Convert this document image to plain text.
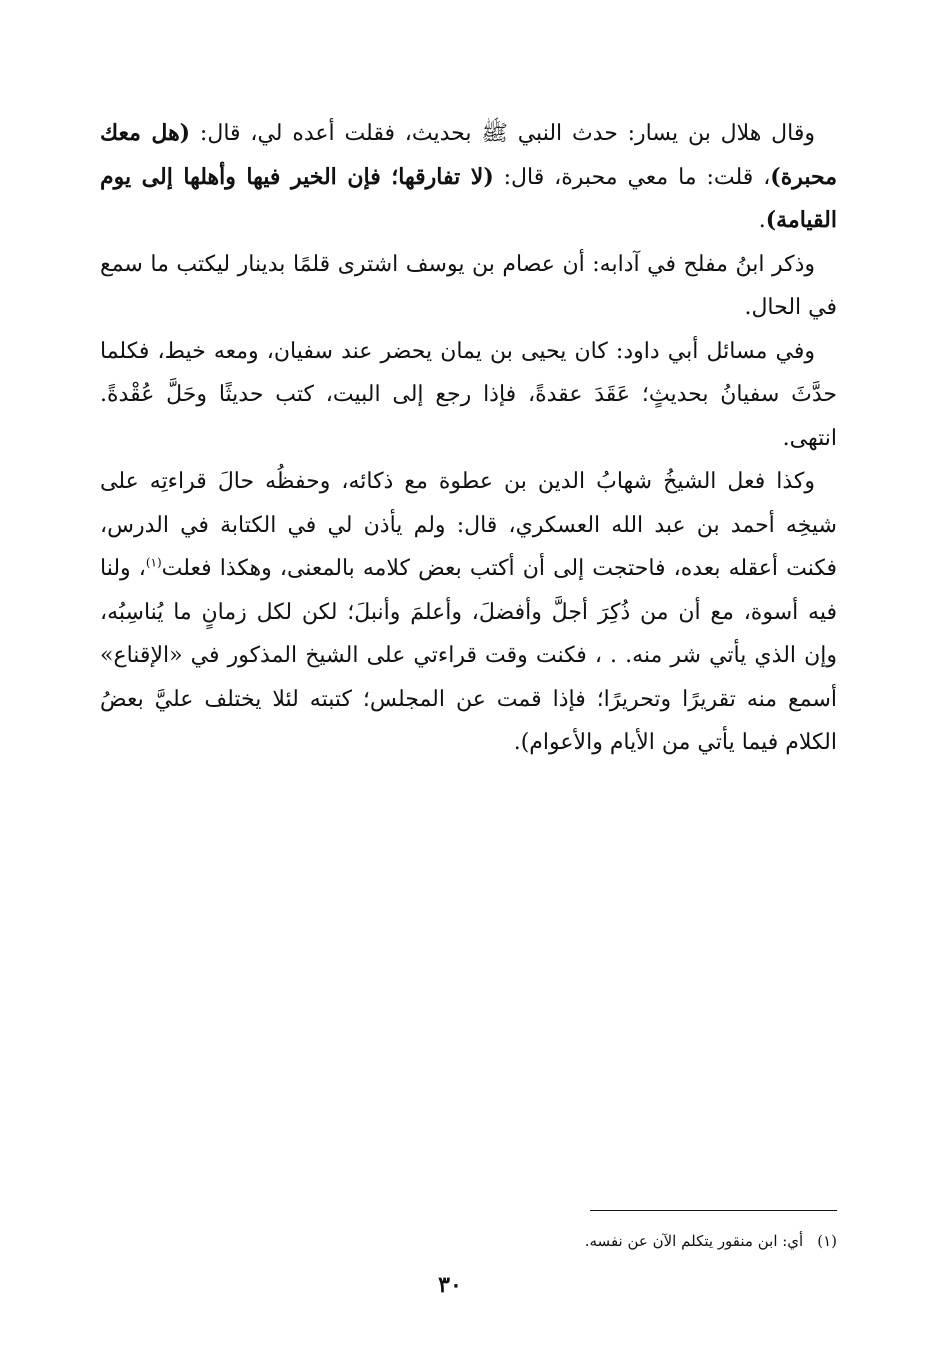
وقال هلال بن يسار: حدث النبي ﷺ بحديث، فقلت أعده لي، قال: (هل معك محبرة)، قلت: ما معي محبرة، قال: (لا تفارقها؛ فإن الخير فيها وأهلها إلى يوم القيامة).

وذكر ابنُ مفلح في آدابه: أن عصام بن يوسف اشترى قلمًا بدينار ليكتب ما سمع في الحال.

وفي مسائل أبي داود: كان يحيى بن يمان يحضر عند سفيان، ومعه خيط، فكلما حدَّثَ سفيانُ بحديثٍ؛ عَقَدَ عقدةً، فإذا رجع إلى البيت، كتب حديثًا وحَلَّ عُقْدةً. انتهى.

وكذا فعل الشيخُ شهابُ الدين بن عطوة مع ذكائه، وحفظُه حالَ قراءتِه على شيخِه أحمد بن عبد الله العسكري، قال: ولم يأذن لي في الكتابة في الدرس، فكنت أعقله بعده، فاحتجت إلى أن أكتب بعض كلامه بالمعنى، وهكذا فعلت$^{(١)}$، ولنا فيه أسوة، مع أن من ذُكِرَ أجلَّ وأفضلَ، وأعلمَ وأنبلَ؛ لكن لكل زمانٍ ما يُناسِبُه، وإن الذي يأتي شر منه. . ، فكنت وقت قراءتي على الشيخ المذكور في «الإقناع» أسمع منه تقريرًا وتحريرًا؛ فإذا قمت عن المجلس؛ كتبته لئلا يختلف عليَّ بعضُ الكلام فيما يأتي من الأيام والأعوام).

(١)أي: ابن منقور يتكلم الآن عن نفسه.
٣٠
